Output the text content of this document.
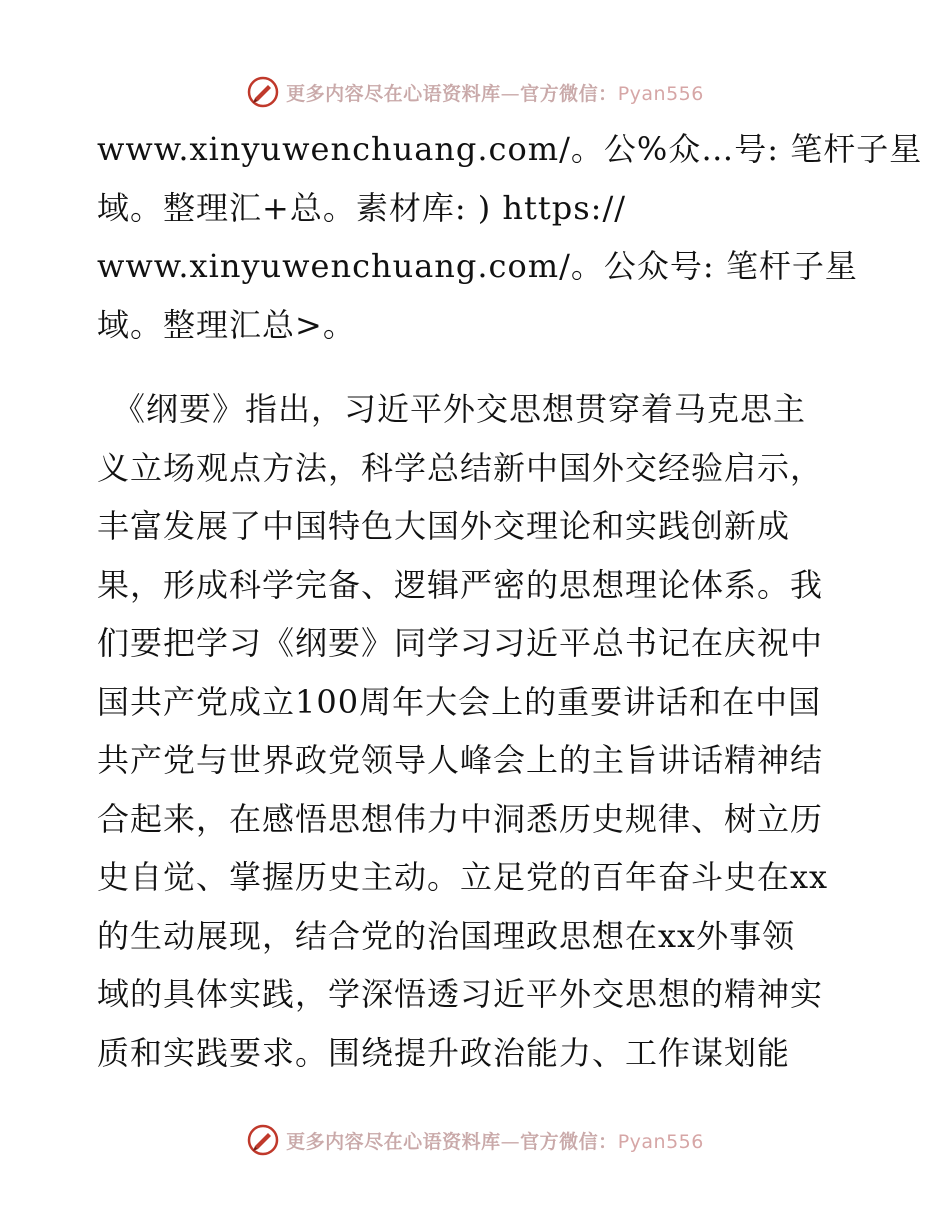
更多内容尽在心语资料库—官方微信：Pyan556
www.xinyuwenchuang.com/。公%众…号: 笔杆子星
域。整理汇+总。素材库: ) https://
www.xinyuwenchuang.com/。公众号: 笔杆子星
域。整理汇总>。
《纲要》指出，习近平外交思想贯穿着马克思主
义立场观点方法，科学总结新中国外交经验启示，
丰富发展了中国特色大国外交理论和实践创新成
果，形成科学完备、逻辑严密的思想理论体系。我
们要把学习《纲要》同学习习近平总书记在庆祝中
国共产党成立100周年大会上的重要讲话和在中国
共产党与世界政党领导人峰会上的主旨讲话精神结
合起来，在感悟思想伟力中洞悉历史规律、树立历
史自觉、掌握历史主动。立足党的百年奋斗史在xx
的生动展现，结合党的治国理政思想在xx外事领
域的具体实践，学深悟透习近平外交思想的精神实
质和实践要求。围绕提升政治能力、工作谋划能
更多内容尽在心语资料库—官方微信：Pyan556
